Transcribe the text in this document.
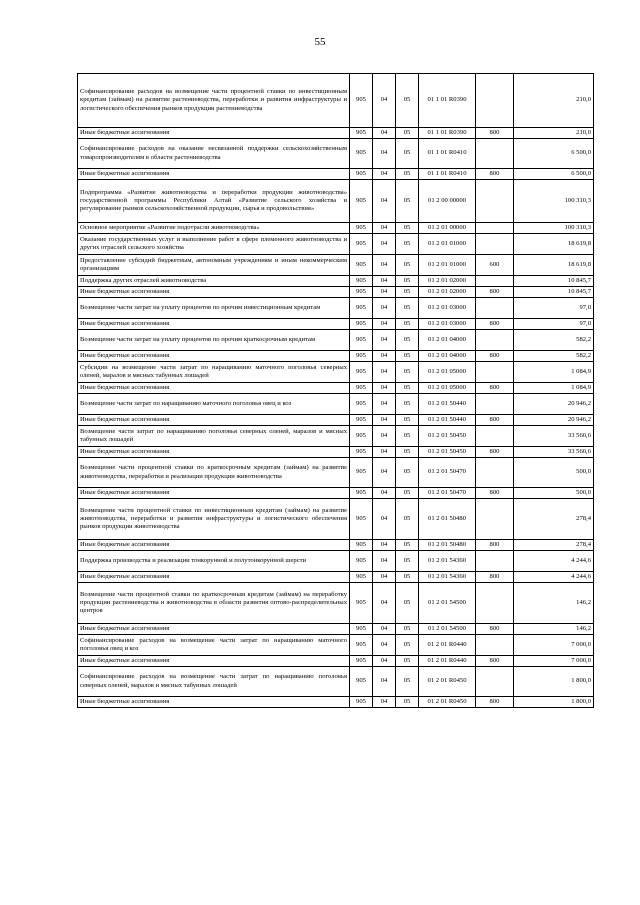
55
Софинансирование расходов на возмещение части процентной ставки по инвестиционным кредитам (займам) на развитие растениеводства, переработки и развития инфраструктуры и логистического обеспечения рынков продукции растениеводства	905	04	05	01 1 01 R0390		210,0
Иные бюджетные ассигнования	905	04	05	01 1 01 R0390	800	210,0
Софинансирование расходов на оказание несвязанной поддержки сельскохозяйственным товаропроизводителям в области растениеводства	905	04	05	01 1 01 R0410		6 500,0
Иные бюджетные ассигнования	905	04	05	01 1 01 R0410	800	6 500,0
Подпрограмма «Развитие животноводства и переработки продукции животноводства» государственной программы Республики Алтай «Развитие сельского хозяйства и регулирование рынков сельскохозяйственной продукции, сырья и продовольствия»	905	04	05	01 2 00 00000		100 310,3
Основное мероприятие «Развитие подотрасли животноводства»	905	04	05	01 2 01 00000		100 310,3
Оказание государственных услуг и выполнение работ в сфере племенного животноводства и других отраслей сельского хозяйства	905	04	05	01 2 01 01000		18 619,8
Предоставление субсидий бюджетным, автономным учреждениям и иным некоммерческим организациям	905	04	05	01 2 01 01000	600	18 619,8
Поддержка других отраслей животноводства	905	04	05	01 2 01 02000		10 845,7
Иные бюджетные ассигнования	905	04	05	01 2 01 02000	800	10 845,7
Возмещение части затрат на уплату процентов по прочим инвестиционным кредитам	905	04	05	01 2 01 03000		97,0
Иные бюджетные ассигнования	905	04	05	01 2 01 03000	800	97,0
Возмещение части затрат на уплату процентов по прочим краткосрочным кредитам	905	04	05	01 2 01 04000		582,2
Иные бюджетные ассигнования	905	04	05	01 2 01 04000	800	582,2
Субсидии на возмещение части затрат по наращиванию маточного поголовья северных оленей, маралов и мясных табунных лошадей	905	04	05	01 2 01 05000		1 084,9
Иные бюджетные ассигнования	905	04	05	01 2 01 05000	800	1 084,9
Возмещение части затрат по наращиванию маточного поголовья овец и коз	905	04	05	01 2 01 50440		20 946,2
Иные бюджетные ассигнования	905	04	05	01 2 01 50440	800	20 946,2
Возмещение части затрат по наращиванию поголовья северных оленей, маралов и мясных табунных лошадей	905	04	05	01 2 01 50450		33 560,6
Иные бюджетные ассигнования	905	04	05	01 2 01 50450	800	33 560,6
Возмещение части процентной ставки по краткосрочным кредитам (займам) на развитие животноводства, переработки и реализации продукции животноводства	905	04	05	01 2 01 50470		500,0
Иные бюджетные ассигнования	905	04	05	01 2 01 50470	800	500,0
Возмещение части процентной ставки по инвестиционным кредитам (займам) на развитие животноводства, переработки и развития инфраструктуры и логистического обеспечения рынков продукции животноводства	905	04	05	01 2 01 50480		278,4
Иные бюджетные ассигнования	905	04	05	01 2 01 50480	800	278,4
Поддержка производства и реализации тонкорунной и полутонкорунной шерсти	905	04	05	01 2 01 54360		4 244,6
Иные бюджетные ассигнования	905	04	05	01 2 01 54360	800	4 244,6
Возмещение части процентной ставки по краткосрочным кредитам (займам) на переработку продукции растениеводства и животноводства в области развития оптово-распределительных центров	905	04	05	01 2 01 54500		146,2
Иные бюджетные ассигнования	905	04	05	01 2 01 54500	800	146,2
Софинансирование расходов на возмещение части затрат по наращиванию маточного поголовья овец и коз	905	04	05	01 2 01 R0440		7 000,0
Иные бюджетные ассигнования	905	04	05	01 2 01 R0440	800	7 000,0
Софинансирование расходов на возмещение части затрат по наращиванию поголовья северных оленей, маралов и мясных табунных лошадей	905	04	05	01 2 01 R0450		1 800,0
Иные бюджетные ассигнования	905	04	05	01 2 01 R0450	800	1 800,0
